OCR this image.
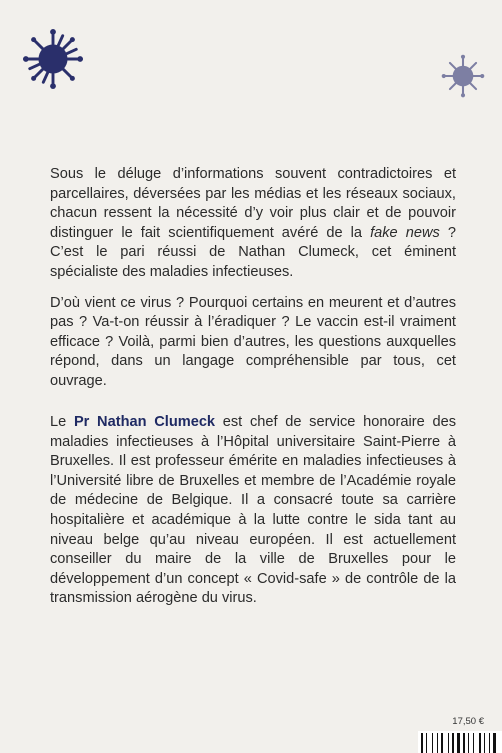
Sous le déluge d’informations souvent contradictoires et parcellaires, déversées par les médias et les réseaux sociaux, chacun ressent la nécessité d’y voir plus clair et de pouvoir distinguer le fait scientifiquement avéré de la fake news ? C’est le pari réussi de Nathan Clumeck, cet éminent spécialiste des maladies infectieuses.

D’où vient ce virus ? Pourquoi certains en meurent et d’autres pas ? Va-t-on réussir à l’éradiquer ? Le vaccin est-il vraiment efficace ? Voilà, parmi bien d’autres, les questions auxquelles répond, dans un langage compréhensible par tous, cet ouvrage.

Le Pr Nathan Clumeck est chef de service honoraire des maladies infectieuses à l’Hôpital universitaire Saint-Pierre à Bruxelles. Il est professeur émérite en maladies infectieuses à l’Université libre de Bruxelles et membre de l’Académie royale de médecine de Belgique. Il a consacré toute sa carrière hospitalière et académique à la lutte contre le sida tant au niveau belge qu’au niveau européen. Il est actuellement conseiller du maire de la ville de Bruxelles pour le développement d’un concept « Covid-safe » de contrôle de la transmission aérogène du virus.

17,50 €
